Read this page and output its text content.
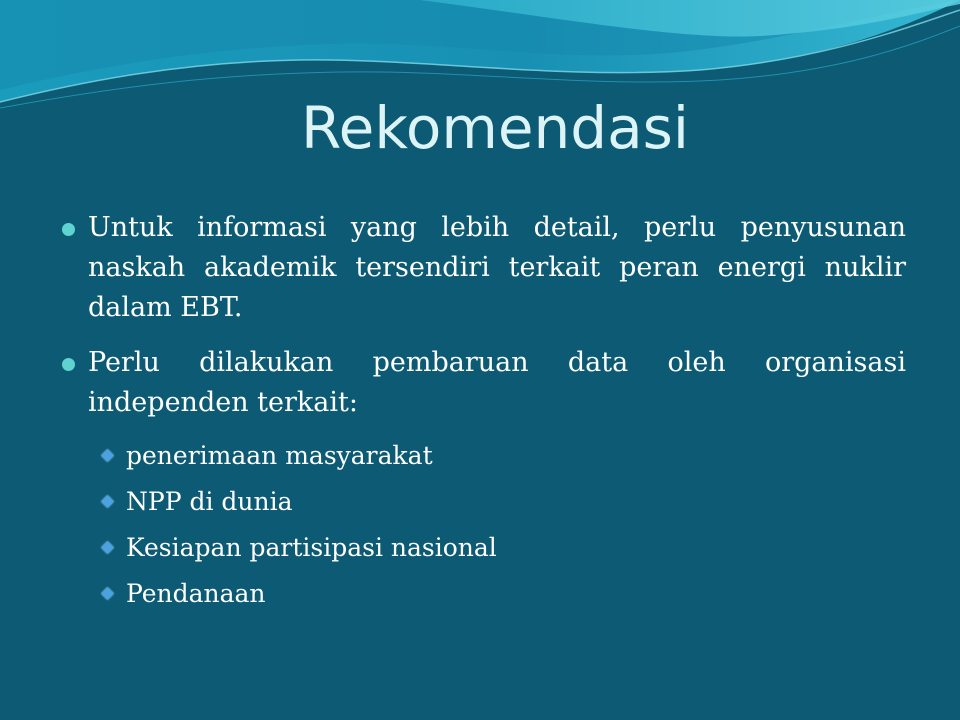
Rekomendasi
Untuk informasi yang lebih detail, perlu penyusunan naskah akademik tersendiri terkait peran energi nuklir dalam EBT.
Perlu dilakukan pembaruan data oleh organisasi independen terkait:
penerimaan masyarakat
NPP di dunia
Kesiapan partisipasi nasional
Pendanaan
